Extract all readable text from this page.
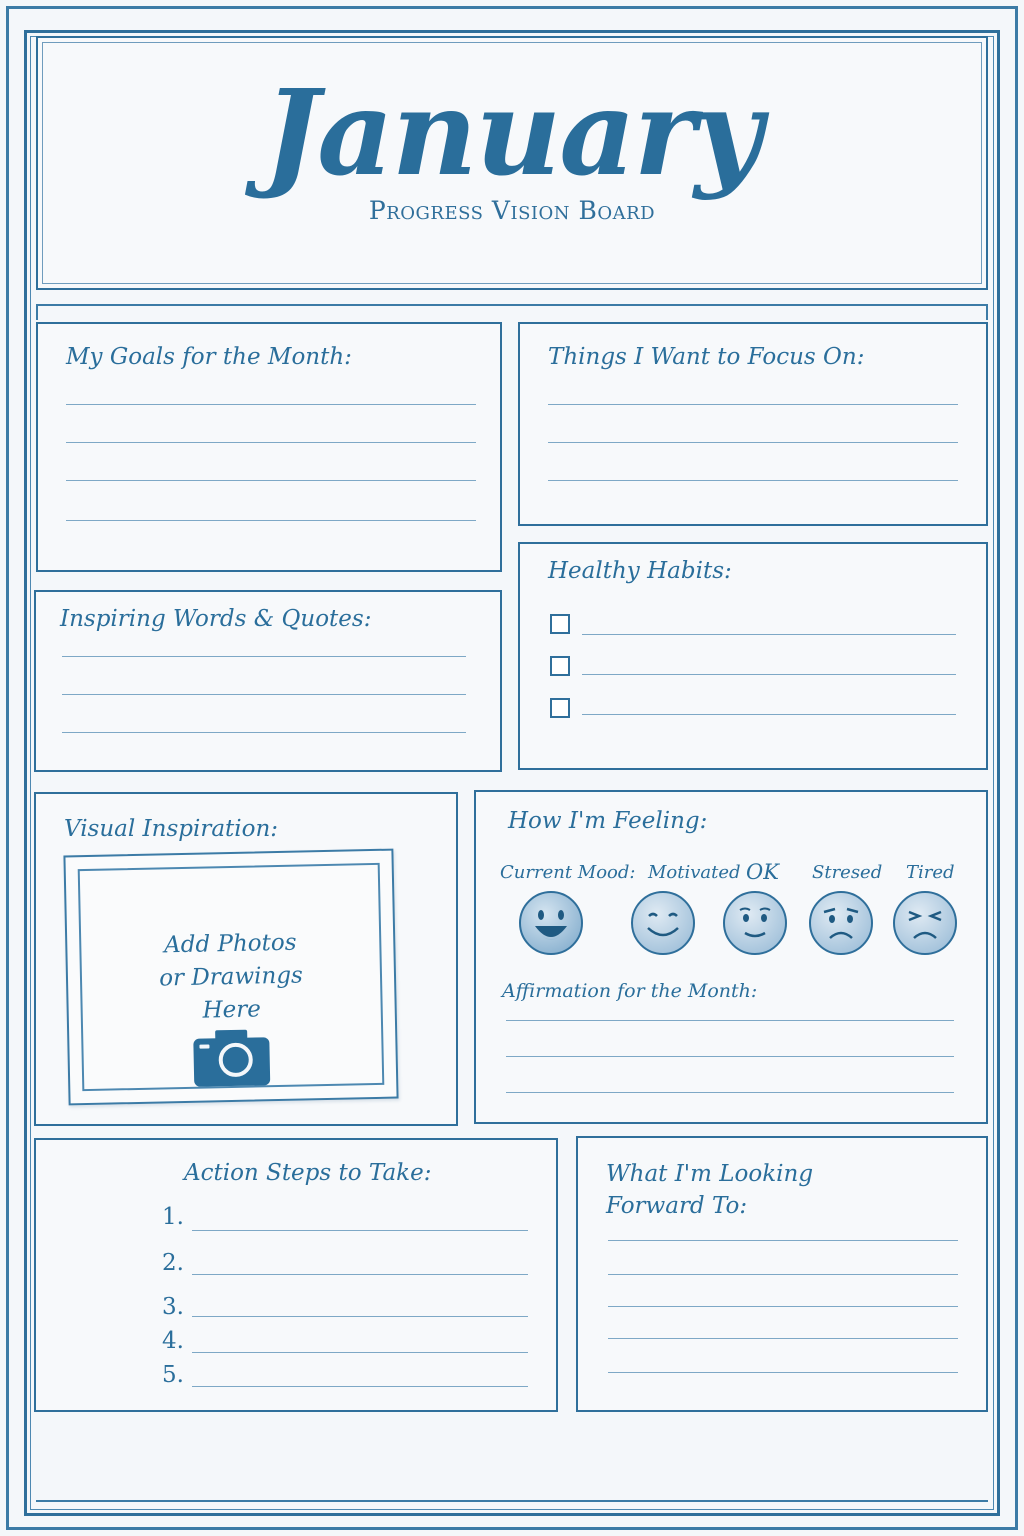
January
Progress Vision Board
My Goals for the Month:	Things I Want to Focus On:
Healthy Habits:
Inspiring Words & Quotes:
Visual Inspiration:
Add Photos
or Drawings
Here
How I'm Feeling:
Current Mood: Motivated OK Stresed Tired
Affirmation for the Month:
Action Steps to Take:
1.
2.
3.
4.
5.
What I'm Looking
Forward To:
